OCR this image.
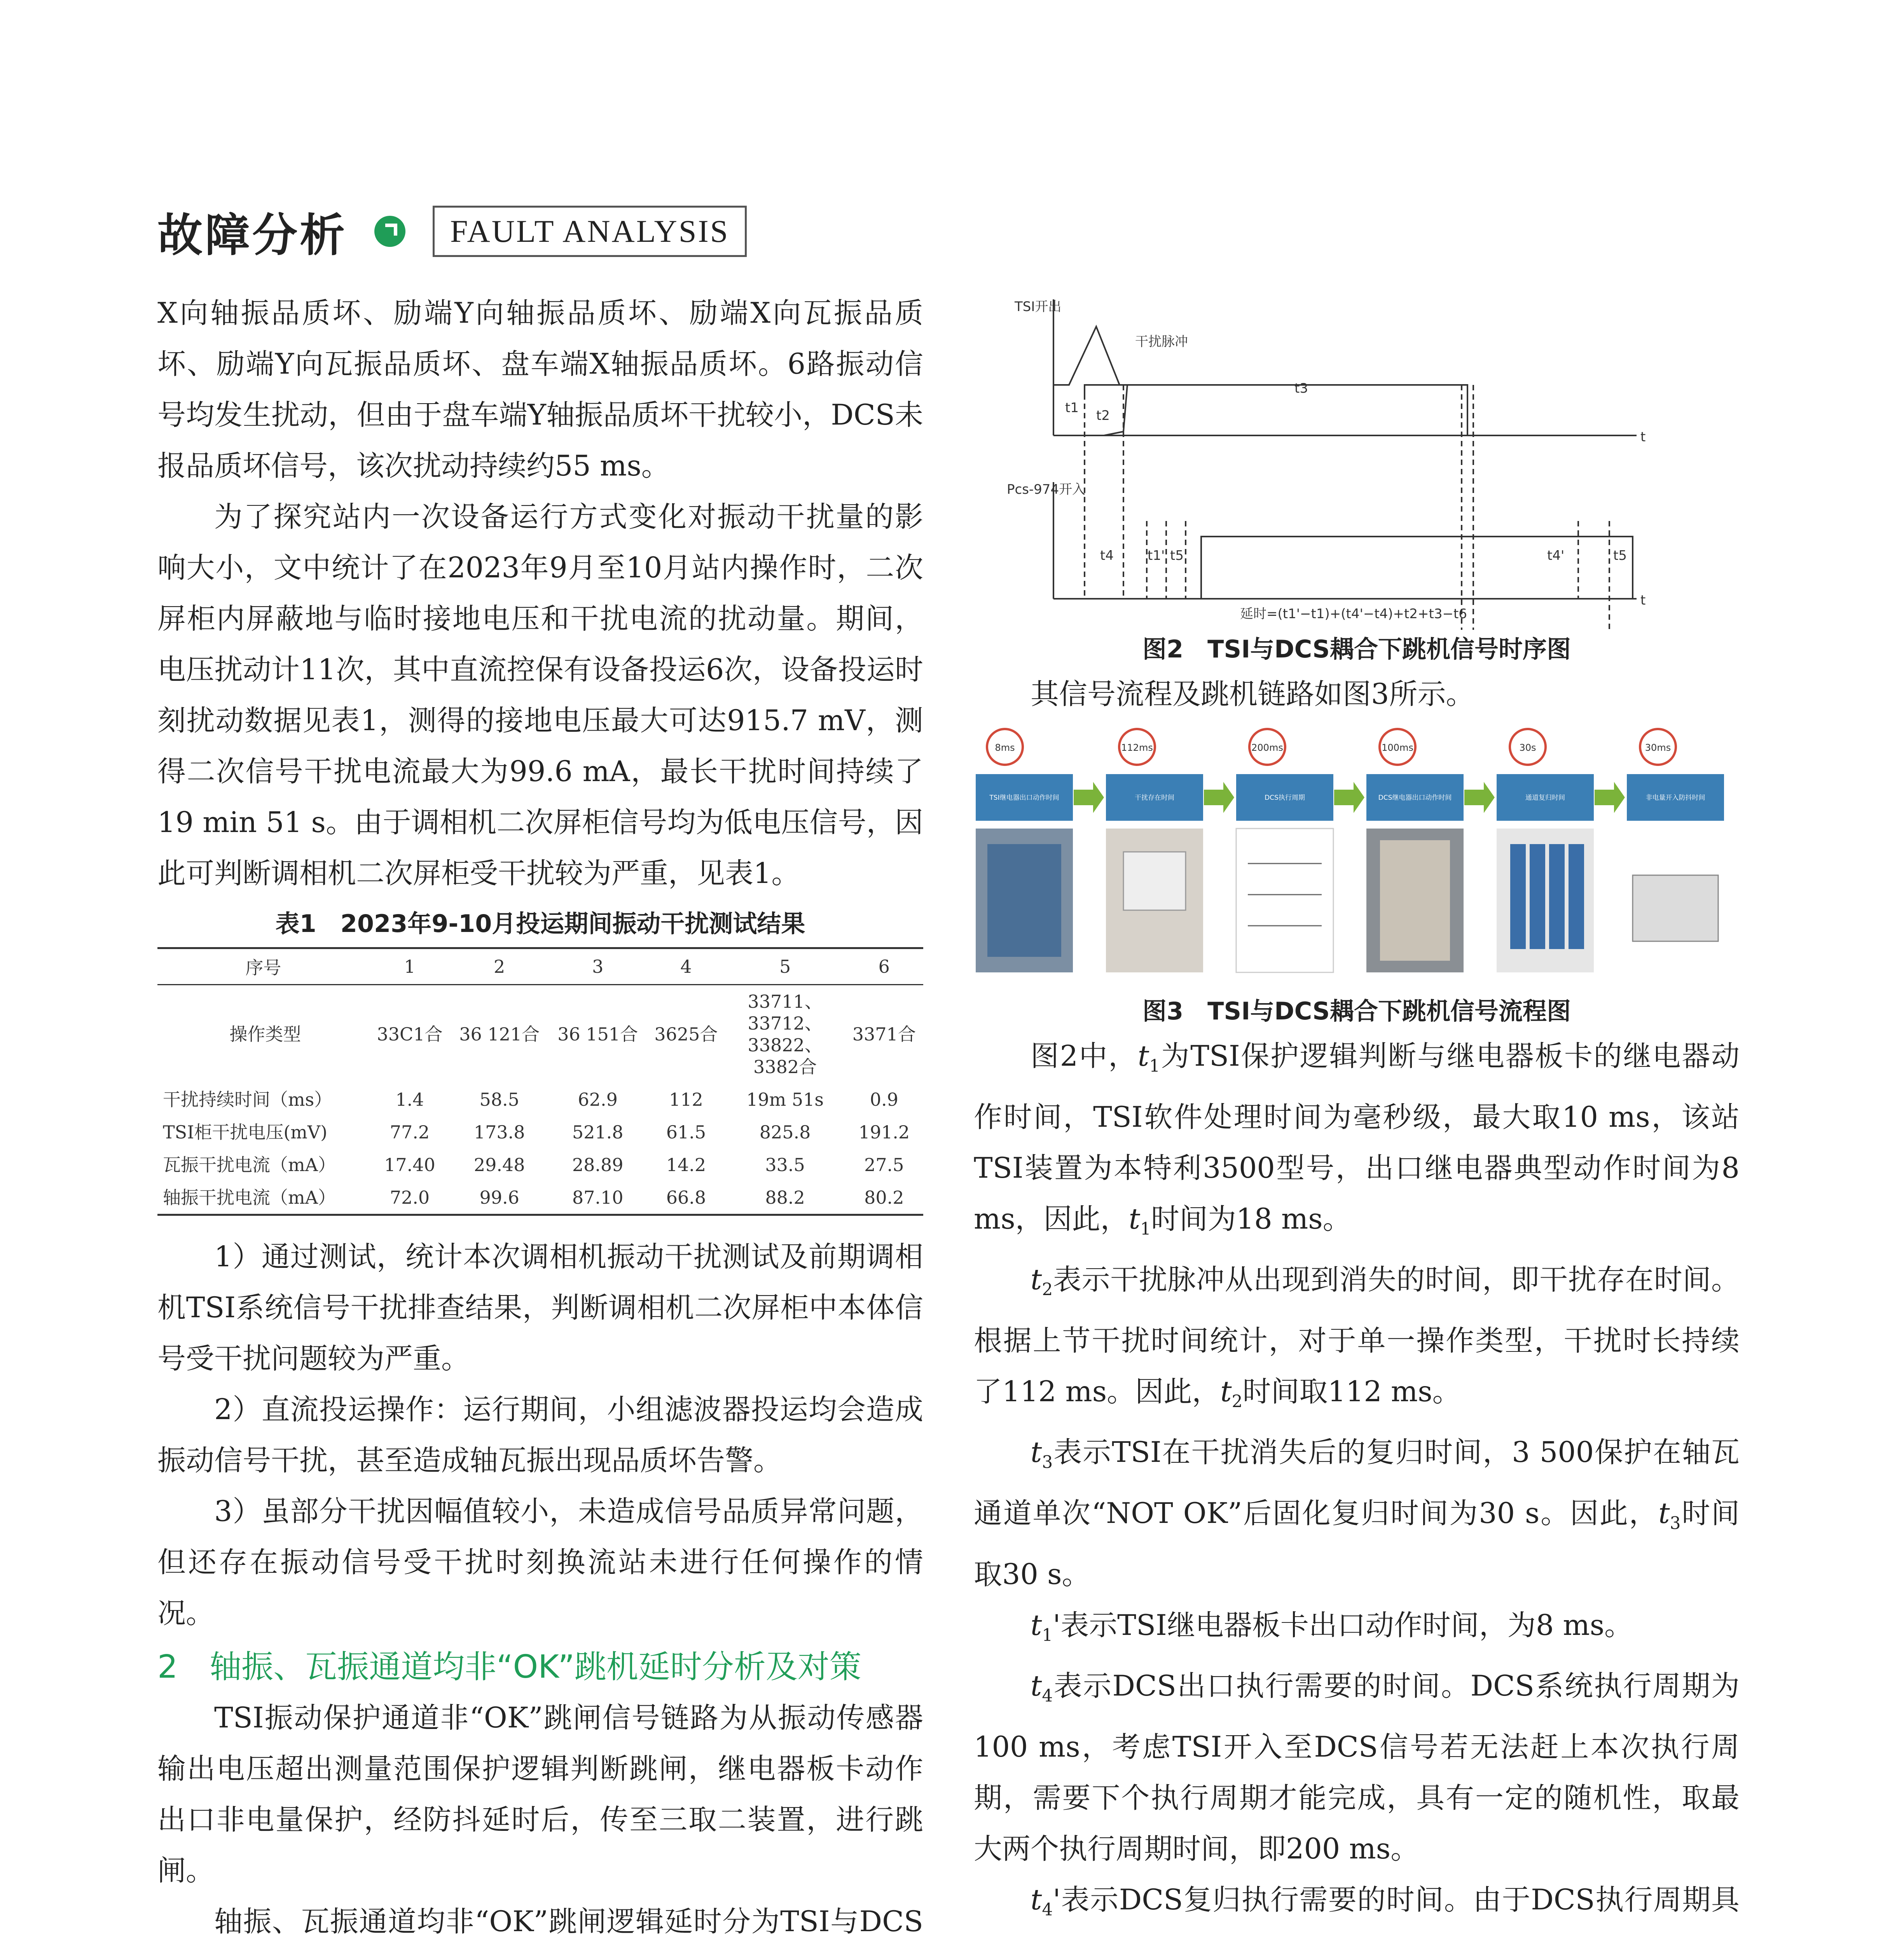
故障分析	FAULT ANALYSIS

X向轴振品质坏、励端Y向轴振品质坏、励端X向瓦振品质坏、励端Y向瓦振品质坏、盘车端X轴振品质坏。6路振动信号均发生扰动，但由于盘车端Y轴振品质坏干扰较小，DCS未报品质坏信号，该次扰动持续约55 ms。

为了探究站内一次设备运行方式变化对振动干扰量的影响大小，文中统计了在2023年9月至10月站内操作时，二次屏柜内屏蔽地与临时接地电压和干扰电流的扰动量。期间，电压扰动计11次，其中直流控保有设备投运6次，设备投运时刻扰动数据见表1，测得的接地电压最大可达915.7 mV，测得二次信号干扰电流最大为99.6 mA，最长干扰时间持续了19 min 51 s。由于调相机二次屏柜信号均为低电压信号，因此可判断调相机二次屏柜受干扰较为严重，见表1。

表1　2023年9-10月投运期间振动干扰测试结果

序号	1	2	3	4	5	6
操作类型	33C1合	36 121合	36 151合	3625合	33711、33712、33822、3382合	3371合
干扰持续时间（ms）	1.4	58.5	62.9	112	19m 51s	0.9
TSI柜干扰电压(mV)	77.2	173.8	521.8	61.5	825.8	191.2
瓦振干扰电流（mA）	17.40	29.48	28.89	14.2	33.5	27.5
轴振干扰电流（mA）	72.0	99.6	87.10	66.8	88.2	80.2

1）通过测试，统计本次调相机振动干扰测试及前期调相机TSI系统信号干扰排查结果，判断调相机二次屏柜中本体信号受干扰问题较为严重。

2）直流投运操作：运行期间，小组滤波器投运均会造成振动信号干扰，甚至造成轴瓦振出现品质坏告警。

3）虽部分干扰因幅值较小，未造成信号品质异常问题，但还存在振动信号受干扰时刻换流站未进行任何操作的情况。

2　轴振、瓦振通道均非“OK”跳机延时分析及对策

TSI振动保护通道非“OK”跳闸信号链路为从振动传感器输出电压超出测量范围保护逻辑判断跳闸，继电器板卡动作出口非电量保护，经防抖延时后，传至三取二装置，进行跳闸。

轴振、瓦振通道均非“OK”跳闸逻辑延时分为TSI与DCS

TSI开出
干扰脉冲
Pcs-974开入
t
t
t1 t2
t3
t4	t1' t5	t4'	t5
延时=(t1'−t1)+(t4'−t4)+t2+t3−t6

图2　TSI与DCS耦合下跳机信号时序图

其信号流程及跳机链路如图3所示。

8ms
TSI继电器出口动作时间
112ms
干扰存在时间
200ms
DCS执行周期
100ms
DCS继电器出口动作时间
30s
通道复归时间
30ms
非电量开入防抖时间

图3　TSI与DCS耦合下跳机信号流程图

图2中，$t_1$为TSI保护逻辑判断与继电器板卡的继电器动作时间，TSI软件处理时间为毫秒级，最大取10 ms，该站TSI装置为本特利3500型号，出口继电器典型动作时间为8 ms，因此，$t_1$时间为18 ms。

$t_2$表示干扰脉冲从出现到消失的时间，即干扰存在时间。根据上节干扰时间统计，对于单一操作类型，干扰时长持续了112 ms。因此，$t_2$时间取112 ms。

$t_3$表示TSI在干扰消失后的复归时间，3 500保护在轴瓦通道单次“NOT OK”后固化复归时间为30 s。因此，$t_3$时间取30 s。

$t_1'$表示TSI继电器板卡出口动作时间，为8 ms。

$t_4$表示DCS出口执行需要的时间。DCS系统执行周期为100 ms，考虑TSI开入至DCS信号若无法赶上本次执行周期，需要下个执行周期才能完成，具有一定的随机性，取最大两个执行周期时间，即200 ms。

$t_4'$表示DCS复归执行需要的时间。由于DCS执行周期具
